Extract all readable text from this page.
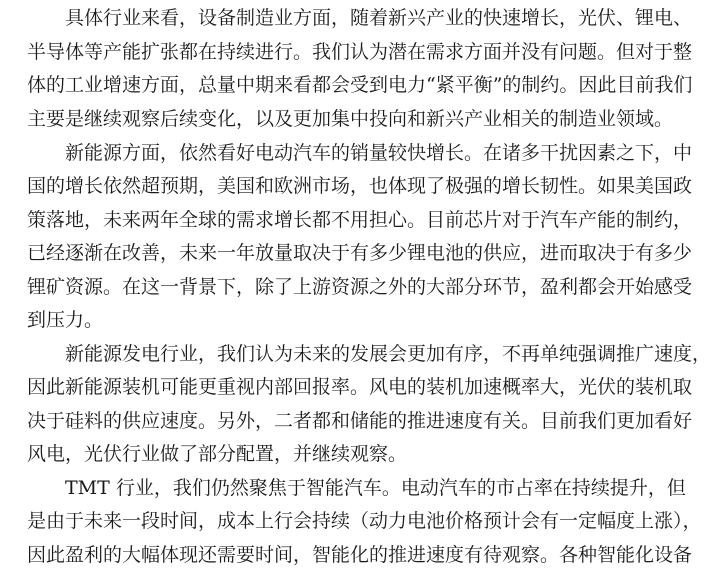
具体行业来看，设备制造业方面，随着新兴产业的快速增长，光伏、锂电、
半导体等产能扩张都在持续进行。我们认为潜在需求方面并没有问题。但对于整
体的工业增速方面，总量中期来看都会受到电力“紧平衡”的制约。因此目前我们
主要是继续观察后续变化，以及更加集中投向和新兴产业相关的制造业领域。
新能源方面，依然看好电动汽车的销量较快增长。在诸多干扰因素之下，中
国的增长依然超预期，美国和欧洲市场，也体现了极强的增长韧性。如果美国政
策落地，未来两年全球的需求增长都不用担心。目前芯片对于汽车产能的制约，
已经逐渐在改善，未来一年放量取决于有多少锂电池的供应，进而取决于有多少
锂矿资源。在这一背景下，除了上游资源之外的大部分环节，盈利都会开始感受
到压力。
新能源发电行业，我们认为未来的发展会更加有序，不再单纯强调推广速度，
因此新能源装机可能更重视内部回报率。风电的装机加速概率大，光伏的装机取
决于硅料的供应速度。另外，二者都和储能的推进速度有关。目前我们更加看好
风电，光伏行业做了部分配置，并继续观察。
TMT 行业，我们仍然聚焦于智能汽车。电动汽车的市占率在持续提升，但
是由于未来一段时间，成本上行会持续（动力电池价格预计会有一定幅度上涨），
因此盈利的大幅体现还需要时间，智能化的推进速度有待观察。各种智能化设备
